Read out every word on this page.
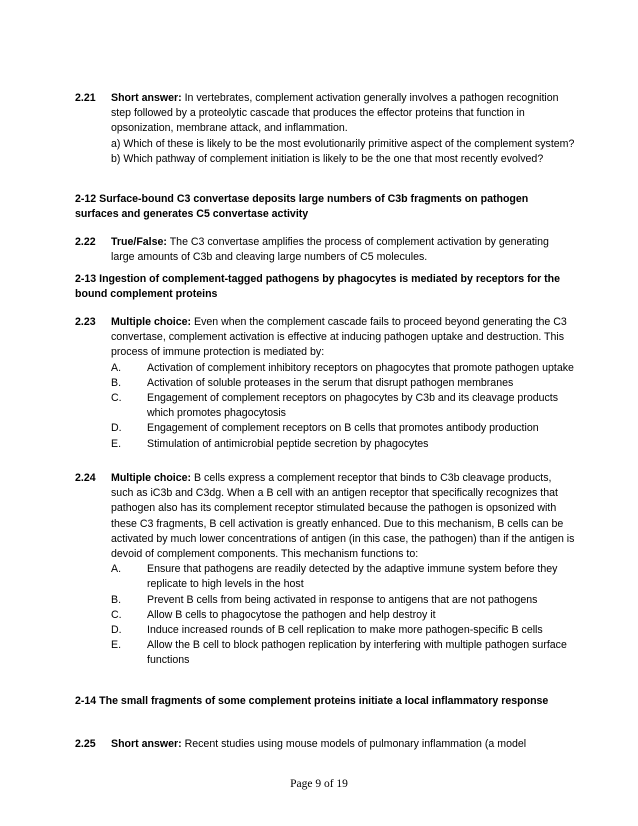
2.21 Short answer: In vertebrates, complement activation generally involves a pathogen recognition step followed by a proteolytic cascade that produces the effector proteins that function in opsonization, membrane attack, and inflammation.

a) Which of these is likely to be the most evolutionarily primitive aspect of the complement system?

b) Which pathway of complement initiation is likely to be the one that most recently evolved?

2-12 Surface-bound C3 convertase deposits large numbers of C3b fragments on pathogen surfaces and generates C5 convertase activity
2.22 True/False: The C3 convertase amplifies the process of complement activation by generating large amounts of C3b and cleaving large numbers of C5 molecules.

2-13 Ingestion of complement-tagged pathogens by phagocytes is mediated by receptors for the bound complement proteins
2.23 Multiple choice: Even when the complement cascade fails to proceed beyond generating the C3 convertase, complement activation is effective at inducing pathogen uptake and destruction. This process of immune protection is mediated by:

A. Activation of complement inhibitory receptors on phagocytes that promote pathogen uptake
B. Activation of soluble proteases in the serum that disrupt pathogen membranes
C. Engagement of complement receptors on phagocytes by C3b and its cleavage products which promotes phagocytosis
D. Engagement of complement receptors on B cells that promotes antibody production
E. Stimulation of antimicrobial peptide secretion by phagocytes
2.24 Multiple choice: B cells express a complement receptor that binds to C3b cleavage products, such as iC3b and C3dg. When a B cell with an antigen receptor that specifically recognizes that pathogen also has its complement receptor stimulated because the pathogen is opsonized with these C3 fragments, B cell activation is greatly enhanced. Due to this mechanism, B cells can be activated by much lower concentrations of antigen (in this case, the pathogen) than if the antigen is devoid of complement components. This mechanism functions to:

A. Ensure that pathogens are readily detected by the adaptive immune system before they replicate to high levels in the host
B. Prevent B cells from being activated in response to antigens that are not pathogens
C. Allow B cells to phagocytose the pathogen and help destroy it
D. Induce increased rounds of B cell replication to make more pathogen-specific B cells
E. Allow the B cell to block pathogen replication by interfering with multiple pathogen surface functions
2-14 The small fragments of some complement proteins initiate a local inflammatory response
2.25 Short answer: Recent studies using mouse models of pulmonary inflammation (a model

Page 9 of 19
